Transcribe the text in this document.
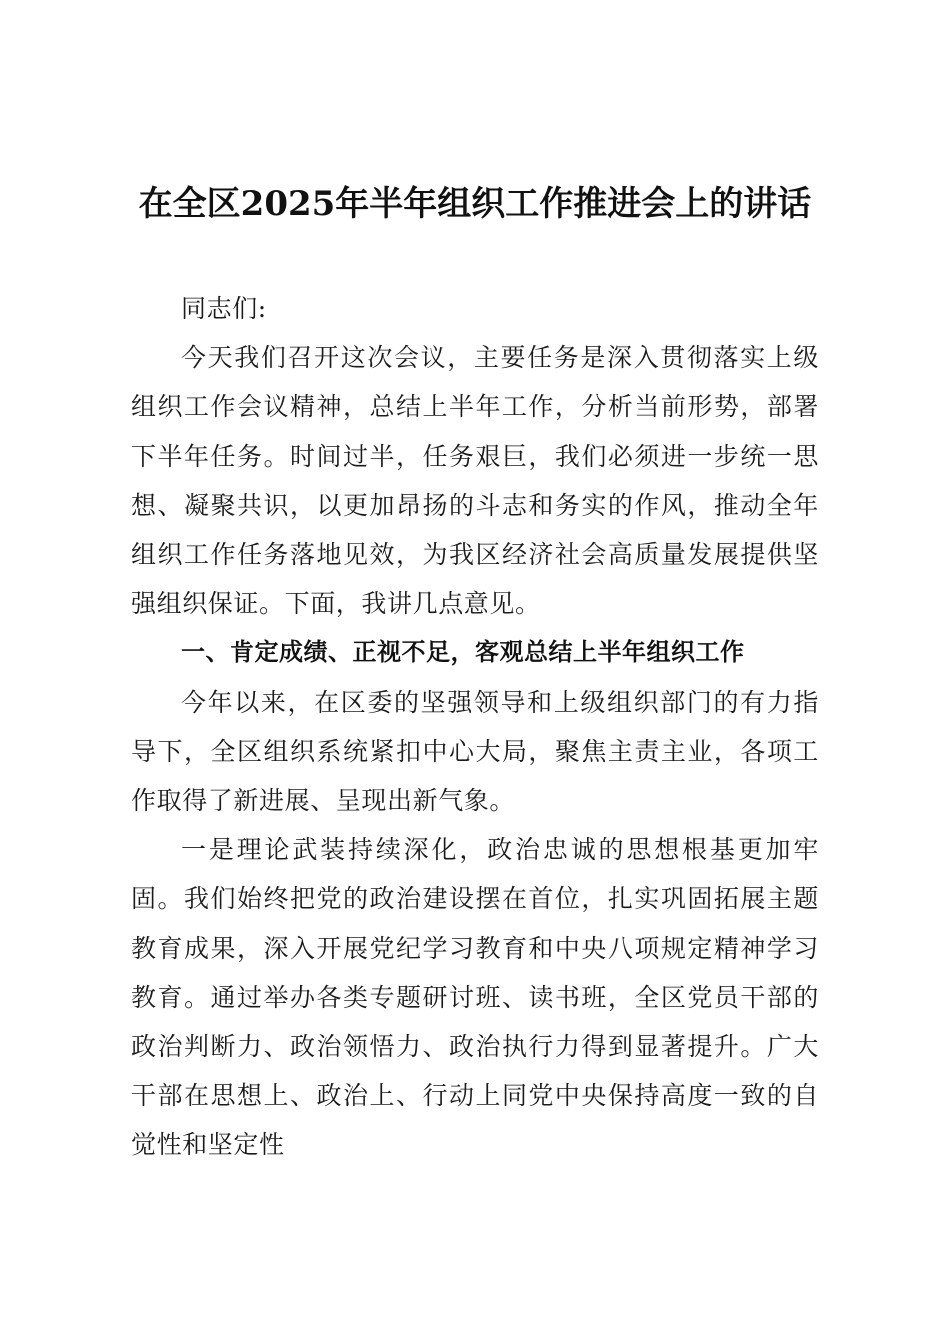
在全区2025年半年组织工作推进会上的讲话

同志们:

今天我们召开这次会议，主要任务是深入贯彻落实上级组织工作会议精神，总结上半年工作，分析当前形势，部署下半年任务。时间过半，任务艰巨，我们必须进一步统一思想、凝聚共识，以更加昂扬的斗志和务实的作风，推动全年组织工作任务落地见效，为我区经济社会高质量发展提供坚强组织保证。下面，我讲几点意见。

一、肯定成绩、正视不足，客观总结上半年组织工作

今年以来，在区委的坚强领导和上级组织部门的有力指导下，全区组织系统紧扣中心大局，聚焦主责主业，各项工作取得了新进展、呈现出新气象。

一是理论武装持续深化，政治忠诚的思想根基更加牢固。我们始终把党的政治建设摆在首位，扎实巩固拓展主题教育成果，深入开展党纪学习教育和中央八项规定精神学习教育。通过举办各类专题研讨班、读书班，全区党员干部的政治判断力、政治领悟力、政治执行力得到显著提升。广大干部在思想上、政治上、行动上同党中央保持高度一致的自觉性和坚定性
